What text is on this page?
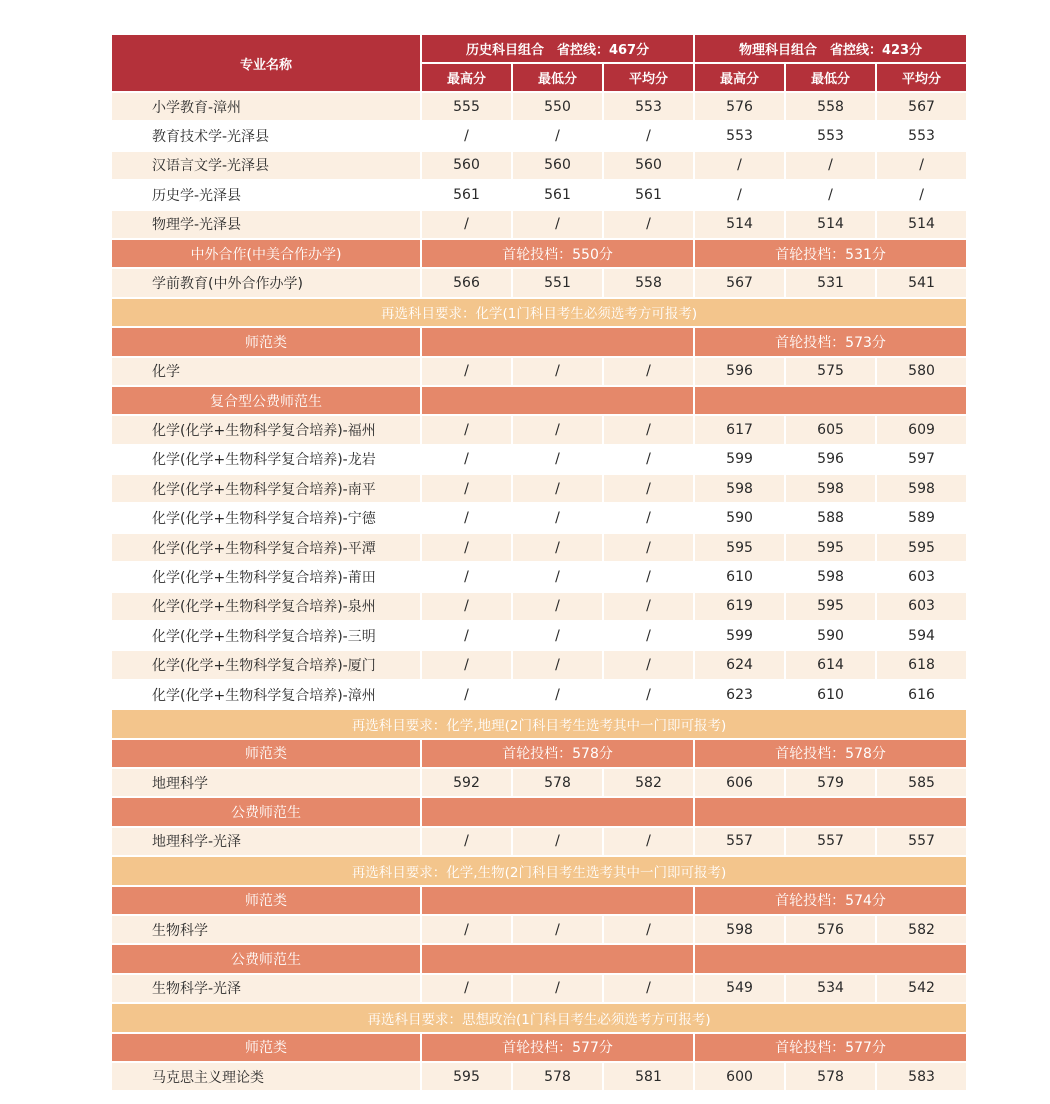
专业名称	历史科目组合　省控线：467分			物理科目组合　省控线：423分		
	最高分	最低分	平均分	最高分	最低分	平均分
小学教育-漳州	555	550	553	576	558	567
教育技术学-光泽县	/	/	/	553	553	553
汉语言文学-光泽县	560	560	560	/	/	/
历史学-光泽县	561	561	561	/	/	/
物理学-光泽县	/	/	/	514	514	514
中外合作(中美合作办学)	首轮投档：550分			首轮投档：531分		
学前教育(中外合作办学)	566	551	558	567	531	541
再选科目要求：化学(1门科目考生必须选考方可报考)						
师范类				首轮投档：573分		
化学	/	/	/	596	575	580
复合型公费师范生						
化学(化学+生物科学复合培养)-福州	/	/	/	617	605	609
化学(化学+生物科学复合培养)-龙岩	/	/	/	599	596	597
化学(化学+生物科学复合培养)-南平	/	/	/	598	598	598
化学(化学+生物科学复合培养)-宁德	/	/	/	590	588	589
化学(化学+生物科学复合培养)-平潭	/	/	/	595	595	595
化学(化学+生物科学复合培养)-莆田	/	/	/	610	598	603
化学(化学+生物科学复合培养)-泉州	/	/	/	619	595	603
化学(化学+生物科学复合培养)-三明	/	/	/	599	590	594
化学(化学+生物科学复合培养)-厦门	/	/	/	624	614	618
化学(化学+生物科学复合培养)-漳州	/	/	/	623	610	616
再选科目要求：化学,地理(2门科目考生选考其中一门即可报考)						
师范类	首轮投档：578分			首轮投档：578分		
地理科学	592	578	582	606	579	585
公费师范生						
地理科学-光泽	/	/	/	557	557	557
再选科目要求：化学,生物(2门科目考生选考其中一门即可报考)						
师范类				首轮投档：574分		
生物科学	/	/	/	598	576	582
公费师范生						
生物科学-光泽	/	/	/	549	534	542
再选科目要求：思想政治(1门科目考生必须选考方可报考)						
师范类	首轮投档：577分			首轮投档：577分		
马克思主义理论类	595	578	581	600	578	583
